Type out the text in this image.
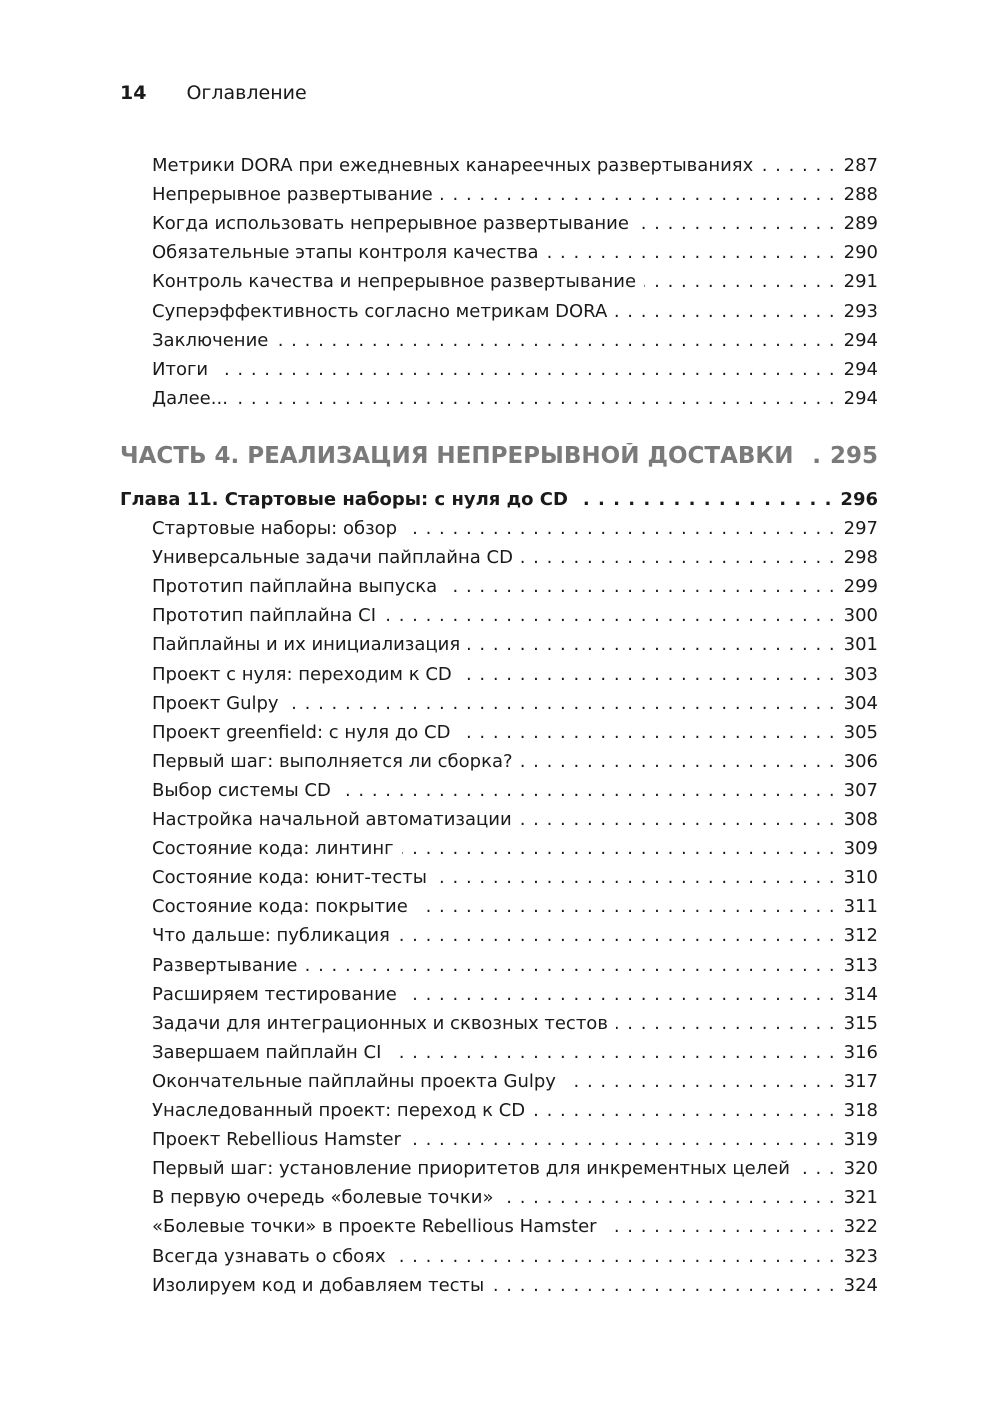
14 Оглавление
Метрики DORA при ежедневных канареечных развертываниях . . .	287
Непрерывное развертывание . . .	288
Когда использовать непрерывное развертывание . . .	289
Обязательные этапы контроля качества . . .	290
Контроль качества и непрерывное развертывание . . .	291
Суперэффективность согласно метрикам DORA . . .	293
Заключение . . .	294
Итоги . . .	294
Далее... . . .	294
ЧАСТЬ 4. РЕАЛИЗАЦИЯ НЕПРЕРЫВНОЙ ДОСТАВКИ . . . 295
Глава 11. Стартовые наборы: с нуля до CD . . .	296
Стартовые наборы: обзор . . .	297
Универсальные задачи пайплайна CD . . .	298
Прототип пайплайна выпуска . . .	299
Прототип пайплайна CI . . .	300
Пайплайны и их инициализация . . .	301
Проект с нуля: переходим к CD . . .	303
Проект Gulpy . . .	304
Проект greenfield: с нуля до CD . . .	305
Первый шаг: выполняется ли сборка? . . .	306
Выбор системы CD . . .	307
Настройка начальной автоматизации . . .	308
Состояние кода: линтинг . . .	309
Состояние кода: юнит-тесты . . .	310
Состояние кода: покрытие . . .	311
Что дальше: публикация . . .	312
Развертывание . . .	313
Расширяем тестирование . . .	314
Задачи для интеграционных и сквозных тестов . . .	315
Завершаем пайплайн CI . . .	316
Окончательные пайплайны проекта Gulpy . . .	317
Унаследованный проект: переход к CD . . .	318
Проект Rebellious Hamster . . .	319
Первый шаг: установление приоритетов для инкрементных целей . . .	320
В первую очередь «болевые точки» . . .	321
«Болевые точки» в проекте Rebellious Hamster . . .	322
Всегда узнавать о сбоях . . .	323
Изолируем код и добавляем тесты . . .	324
